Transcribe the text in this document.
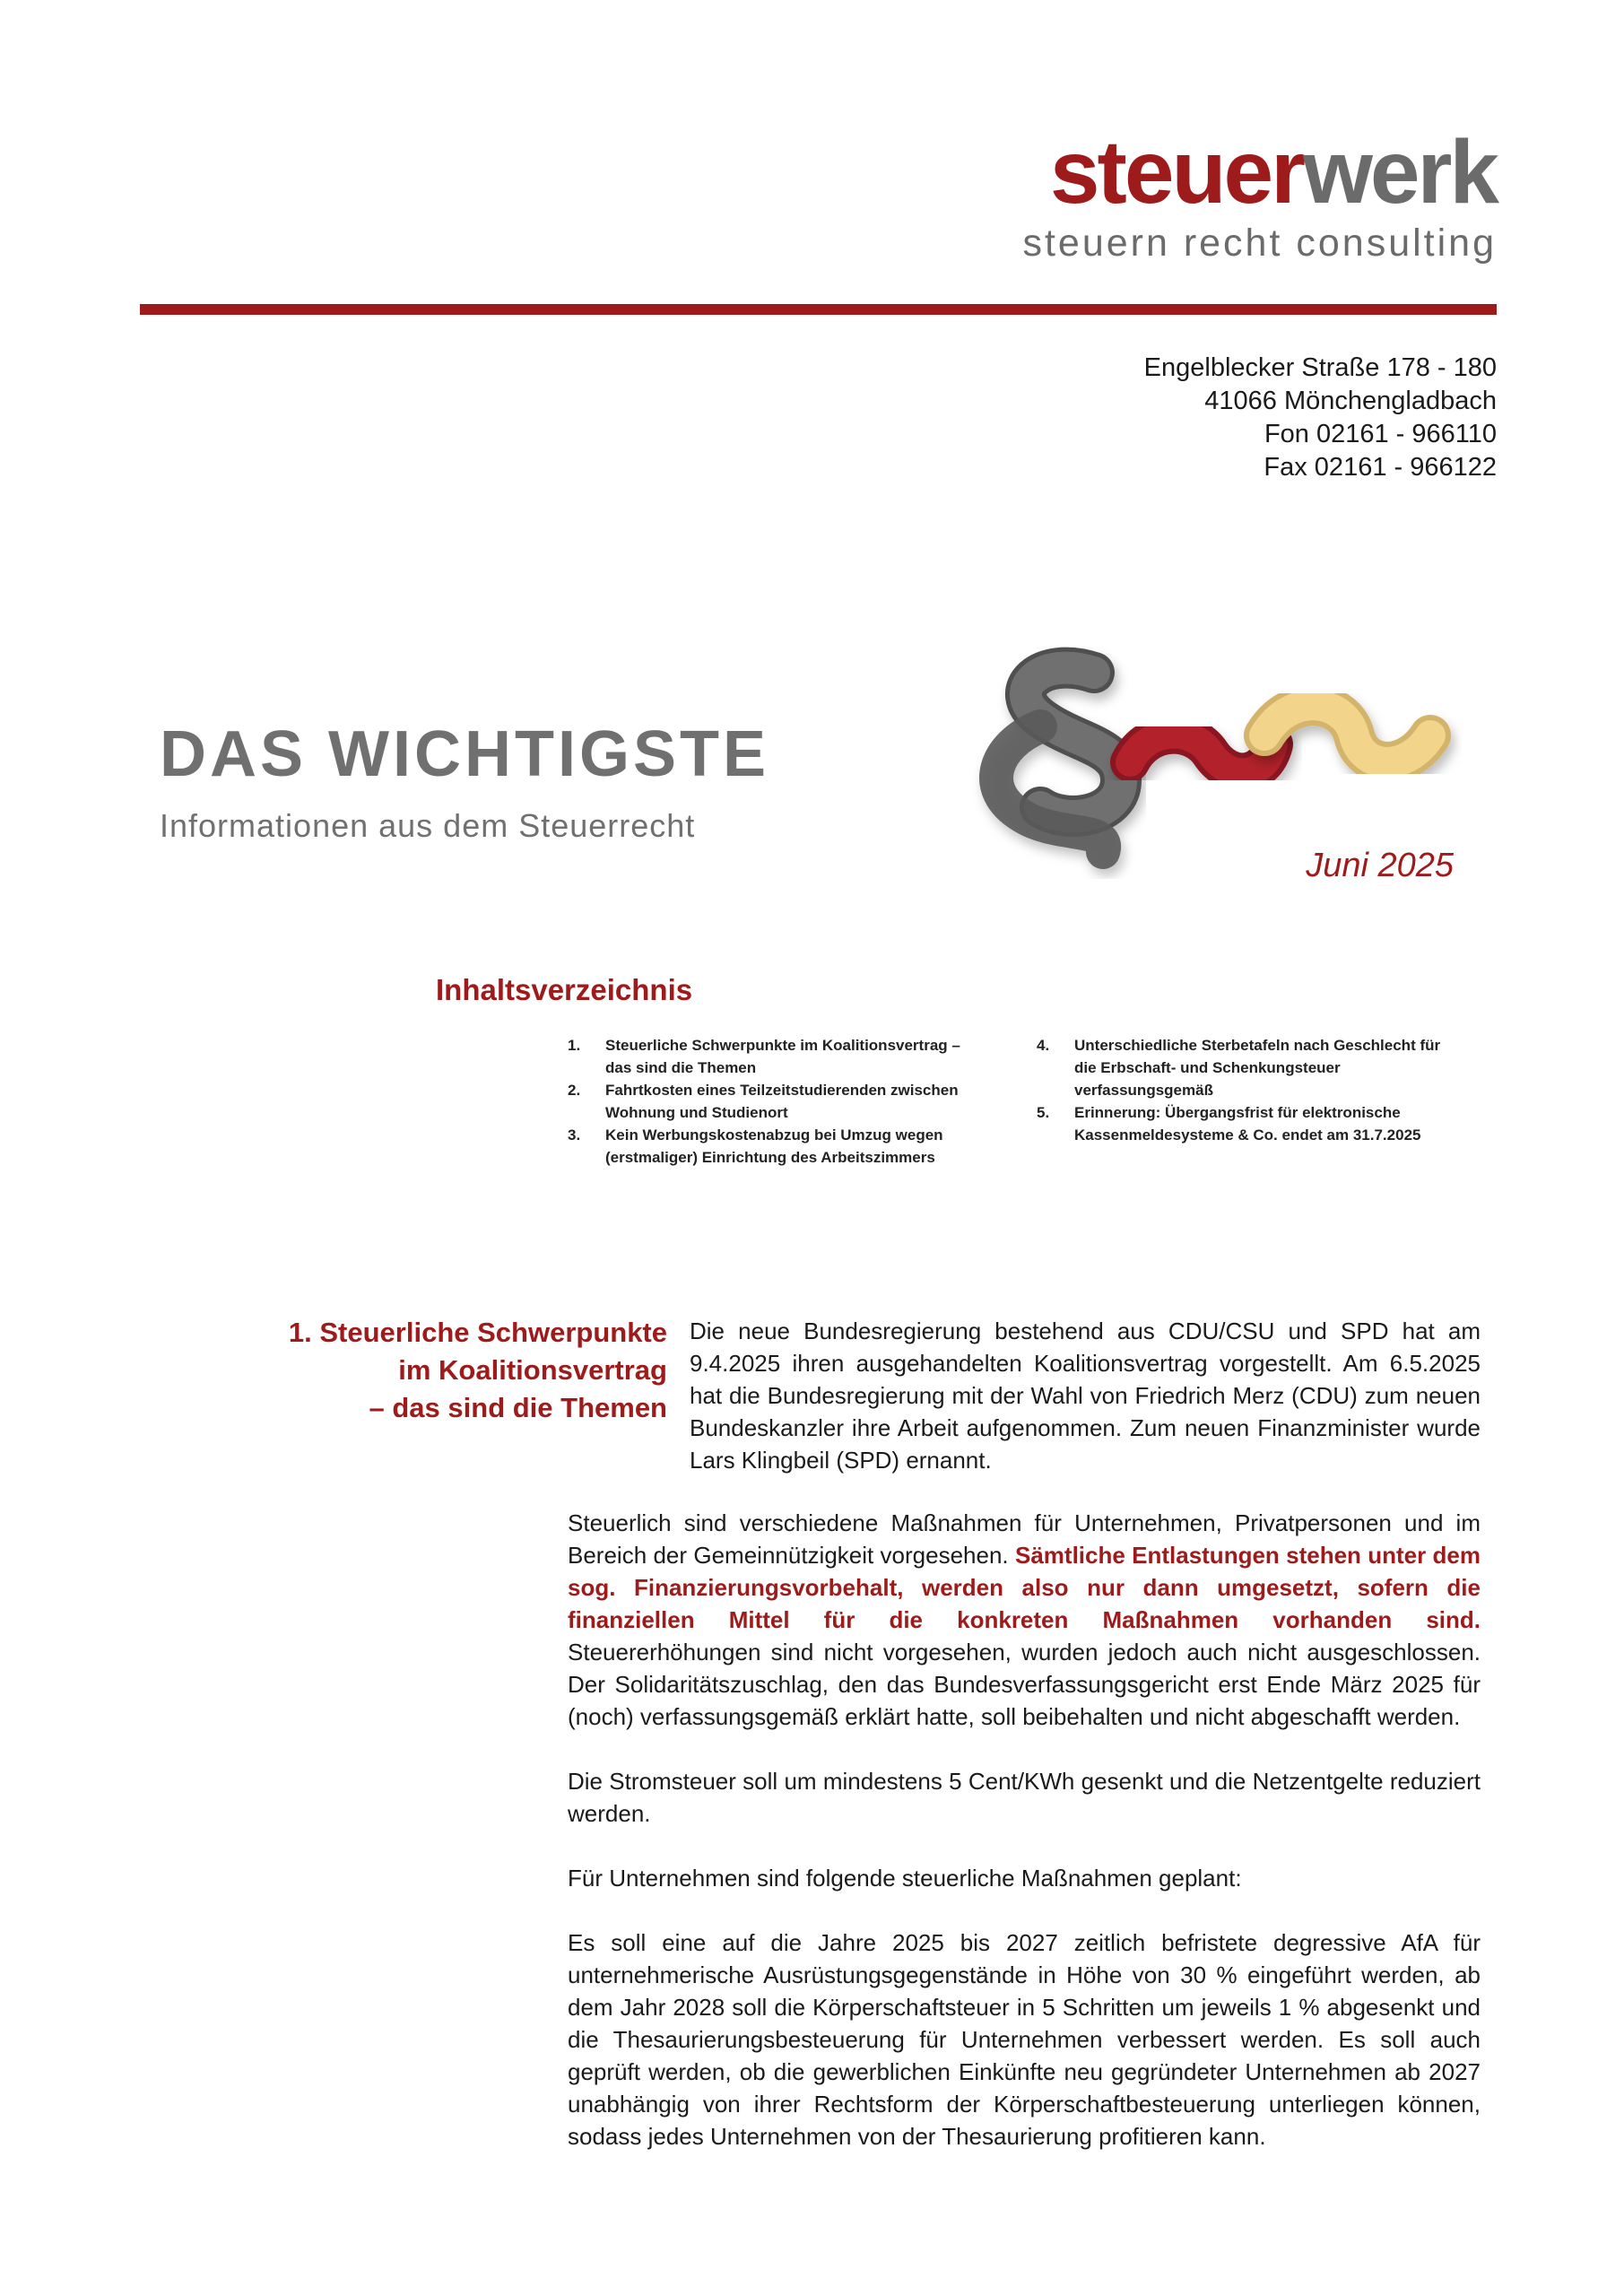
steuerwerk
steuern recht consulting
Engelblecker Straße 178 - 180
41066 Mönchengladbach
Fon 02161 - 966110
Fax 02161 - 966122
DAS WICHTIGSTE
Informationen aus dem Steuerrecht
Juni 2025
Inhaltsverzeichnis
1.	Steuerliche Schwerpunkte im Koalitionsvertrag – das sind die Themen
2.	Fahrtkosten eines Teilzeitstudierenden zwischen Wohnung und Studienort
3.	Kein Werbungskostenabzug bei Umzug wegen (erstmaliger) Einrichtung des Arbeitszimmers
4.	Unterschiedliche Sterbetafeln nach Geschlecht für die Erbschaft- und Schenkungsteuer verfassungsgemäß
5.	Erinnerung: Übergangsfrist für elektronische Kassenmeldesysteme & Co. endet am 31.7.2025
1. Steuerliche Schwerpunkte
im Koalitionsvertrag
– das sind die Themen
Die neue Bundesregierung bestehend aus CDU/CSU und SPD hat am 9.4.2025 ihren ausgehandelten Koalitionsvertrag vorgestellt. Am 6.5.2025 hat die Bundesregierung mit der Wahl von Friedrich Merz (CDU) zum neuen Bundeskanzler ihre Arbeit aufgenommen. Zum neuen Finanzminister wurde Lars Klingbeil (SPD) ernannt.

Steuerlich sind verschiedene Maßnahmen für Unternehmen, Privatpersonen und im Bereich der Gemeinnützigkeit vorgesehen. Sämtliche Entlastungen stehen unter dem sog. Finanzierungsvorbehalt, werden also nur dann umgesetzt, sofern die finanziellen Mittel für die konkreten Maßnahmen vorhanden sind. Steuererhöhungen sind nicht vorgesehen, wurden jedoch auch nicht ausgeschlossen. Der Solidaritätszuschlag, den das Bundesverfassungsgericht erst Ende März 2025 für (noch) verfassungsgemäß erklärt hatte, soll beibehalten und nicht abgeschafft werden.

Die Stromsteuer soll um mindestens 5 Cent/KWh gesenkt und die Netzentgelte reduziert werden.

Für Unternehmen sind folgende steuerliche Maßnahmen geplant:

Es soll eine auf die Jahre 2025 bis 2027 zeitlich befristete degressive AfA für unternehmerische Ausrüstungsgegenstände in Höhe von 30 % eingeführt werden, ab dem Jahr 2028 soll die Körperschaftsteuer in 5 Schritten um jeweils 1 % abgesenkt und die Thesaurierungsbesteuerung für Unternehmen verbessert werden. Es soll auch geprüft werden, ob die gewerblichen Einkünfte neu gegründeter Unternehmen ab 2027 unabhängig von ihrer Rechtsform der Körperschaftbesteuerung unterliegen können, sodass jedes Unternehmen von der Thesaurierung profitieren kann.
